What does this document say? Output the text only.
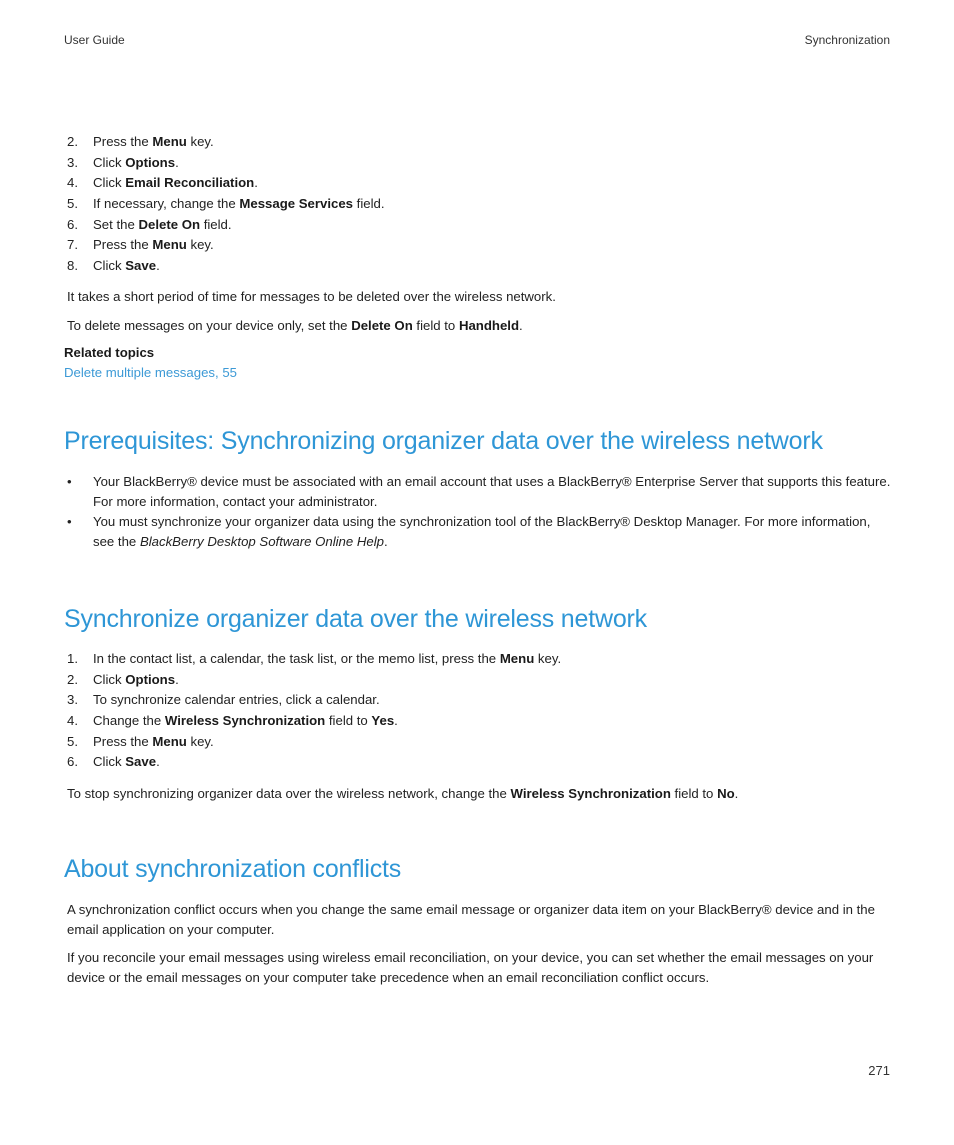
User Guide	Synchronization
2. Press the Menu key.
3. Click Options.
4. Click Email Reconciliation.
5. If necessary, change the Message Services field.
6. Set the Delete On field.
7. Press the Menu key.
8. Click Save.

It takes a short period of time for messages to be deleted over the wireless network.

To delete messages on your device only, set the Delete On field to Handheld.

Related topics
Delete multiple messages, 55
Prerequisites: Synchronizing organizer data over the wireless network
• Your BlackBerry® device must be associated with an email account that uses a BlackBerry® Enterprise Server that supports this feature. For more information, contact your administrator.
• You must synchronize your organizer data using the synchronization tool of the BlackBerry® Desktop Manager. For more information, see the BlackBerry Desktop Software Online Help.
Synchronize organizer data over the wireless network
1. In the contact list, a calendar, the task list, or the memo list, press the Menu key.
2. Click Options.
3. To synchronize calendar entries, click a calendar.
4. Change the Wireless Synchronization field to Yes.
5. Press the Menu key.
6. Click Save.

To stop synchronizing organizer data over the wireless network, change the Wireless Synchronization field to No.

About synchronization conflicts

A synchronization conflict occurs when you change the same email message or organizer data item on your BlackBerry® device and in the email application on your computer.

If you reconcile your email messages using wireless email reconciliation, on your device, you can set whether the email messages on your device or the email messages on your computer take precedence when an email reconciliation conflict occurs.

271
